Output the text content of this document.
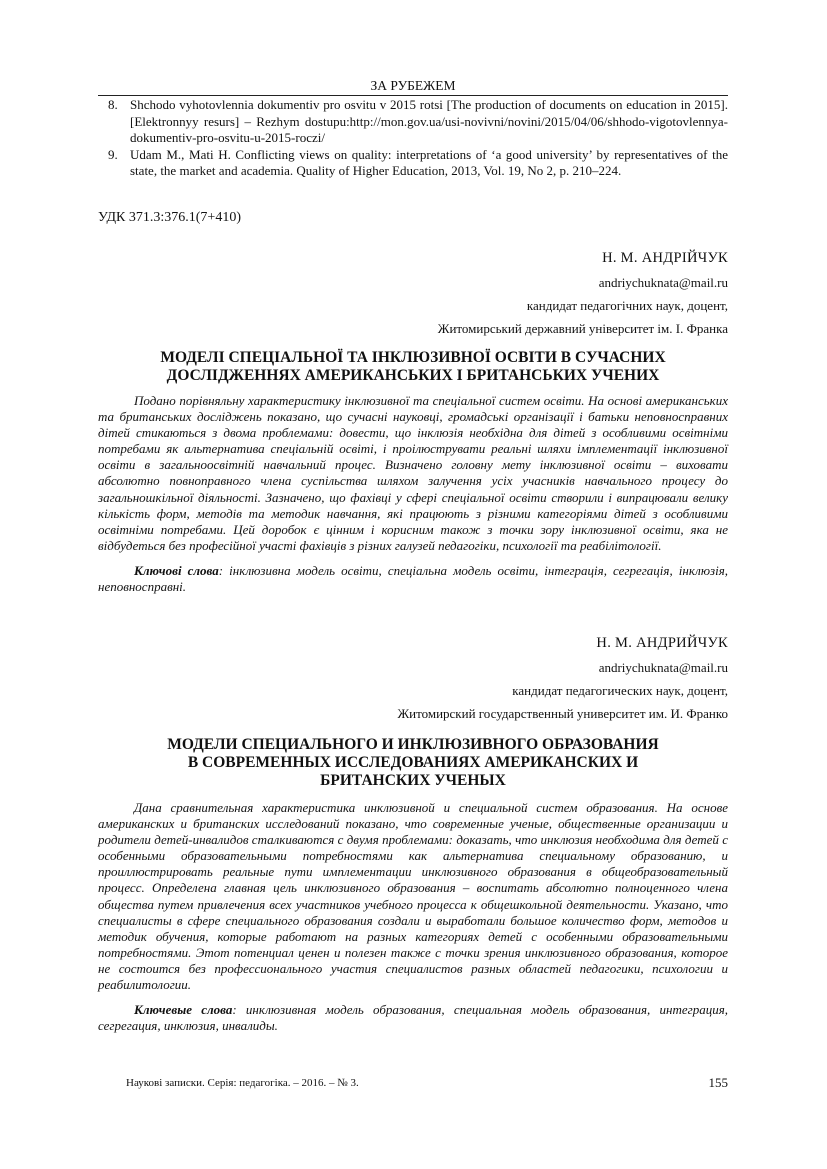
ЗА РУБЕЖЕМ
8. Shchodo vyhotovlennia dokumentiv pro osvitu v 2015 rotsi [The production of documents on education in 2015]. [Elektronnyy resurs] – Rezhym dostupu:http://mon.gov.ua/usi-novivni/novini/2015/04/06/shhodo-vigotovlennya-dokumentiv-pro-osvitu-u-2015-roczi/
9. Udam M., Mati H. Conflicting views on quality: interpretations of ‘a good university’ by representatives of the state, the market and academia. Quality of Higher Education, 2013, Vol. 19, No 2, p. 210–224.
УДК 371.3:376.1(7+410)
Н. М. АНДРІЙЧУК
andriychuknata@mail.ru
кандидат педагогічних наук, доцент,
Житомирський державний університет ім. І. Франка
МОДЕЛІ СПЕЦІАЛЬНОЇ ТА ІНКЛЮЗИВНОЇ ОСВІТИ В СУЧАСНИХ
ДОСЛІДЖЕННЯХ АМЕРИКАНСЬКИХ І БРИТАНСЬКИХ УЧЕНИХ

Подано порівняльну характеристику інклюзивної та спеціальної систем освіти. На основі американських та британських досліджень показано, що сучасні науковці, громадські організації і батьки неповносправних дітей стикаються з двома проблемами: довести, що інклюзія необхідна для дітей з особливими освітніми потребами як альтернатива спеціальній освіті, і проілюструвати реальні шляхи імплементації інклюзивної освіти в загальноосвітній навчальний процес. Визначено головну мету інклюзивної освіти – виховати абсолютно повноправного члена суспільства шляхом залучення усіх учасників навчального процесу до загальношкільної діяльності. Зазначено, що фахівці у сфері спеціальної освіти створили і випрацювали велику кількість форм, методів та методик навчання, які працюють з різними категоріями дітей з особливими освітніми потребами. Цей доробок є цінним і корисним також з точки зору інклюзивної освіти, яка не відбудеться без професійної участі фахівців з різних галузей педагогіки, психології та реабілітології.

Ключові слова: інклюзивна модель освіти, спеціальна модель освіти, інтеграція, сегрегація, інклюзія, неповносправні.

Н. М. АНДРИЙЧУК
andriychuknata@mail.ru
кандидат педагогических наук, доцент,
Житомирский государственный университет им. И. Франко
МОДЕЛИ СПЕЦИАЛЬНОГО И ИНКЛЮЗИВНОГО ОБРАЗОВАНИЯ
В СОВРЕМЕННЫХ ИССЛЕДОВАНИЯХ АМЕРИКАНСКИХ И
БРИТАНСКИХ УЧЕНЫХ

Дана сравнительная характеристика инклюзивной и специальной систем образования. На основе американских и британских исследований показано, что современные ученые, общественные организации и родители детей-инвалидов сталкиваются с двумя проблемами: доказать, что инклюзия необходима для детей с особенными образовательными потребностями как альтернатива специальному образованию, и проиллюстрировать реальные пути имплементации инклюзивного образования в общеобразовательный процесс. Определена главная цель инклюзивного образования – воспитать абсолютно полноценного члена общества путем привлечения всех участников учебного процесса к общешкольной деятельности. Указано, что специалисты в сфере специального образования создали и выработали большое количество форм, методов и методик обучения, которые работают на разных категориях детей с особенными образовательными потребностями. Этот потенциал ценен и полезен также с точки зрения инклюзивного образования, которое не состоится без профессионального участия специалистов разных областей педагогики, психологии и реабилитологии.

Ключевые слова: инклюзивная модель образования, специальная модель образования, интеграция, сегрегация, инклюзия, инвалиды.

Наукові записки. Серія: педагогіка. – 2016. – № 3.	155
